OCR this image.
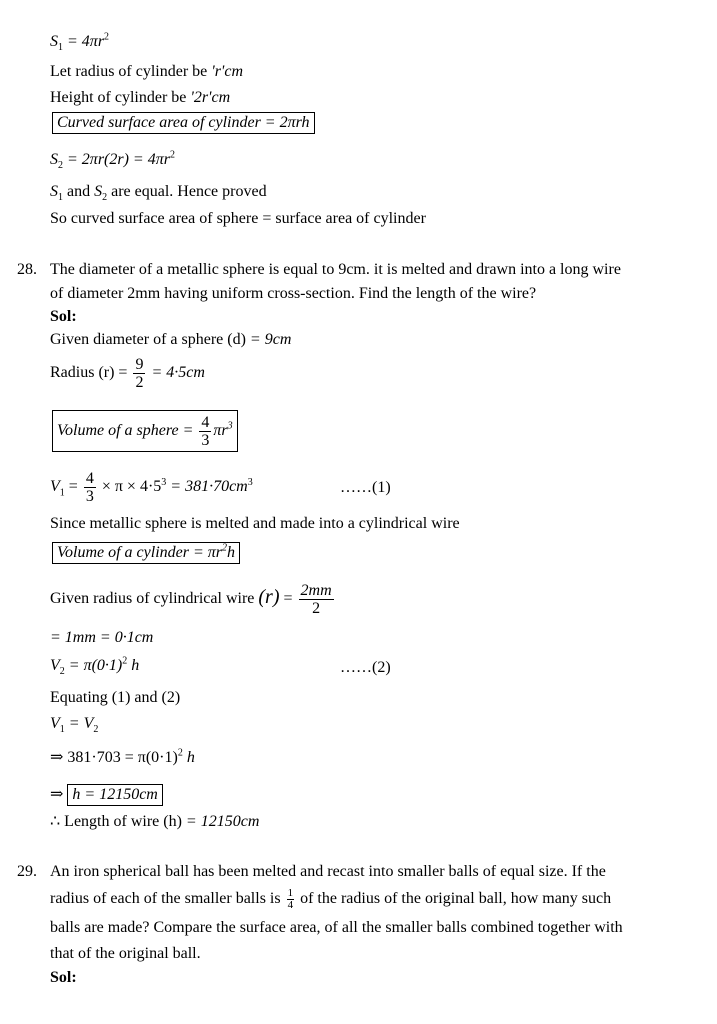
$S_1 = 4\pi r^2$
Let radius of cylinder be 'r'cm
Height of cylinder be '2r'cm
Curved surface area of cylinder = 2πrh
$S_2 = 2\pi r(2r) = 4\pi r^2$
$S_1$ and $S_2$ are equal. Hence proved
So curved surface area of sphere = surface area of cylinder
28. The diameter of a metallic sphere is equal to 9cm. it is melted and drawn into a long wire
of diameter 2mm having uniform cross-section. Find the length of the wire?
Sol:
Given diameter of a sphere (d) = 9cm
Radius $(r) = \frac{9}{2} = 4\cdot 5cm$
Volume of a sphere = $\frac{4}{3} \pi r^3$
$V_1 = \frac{4}{3} \times \pi \times 4\cdot 5^3 = 381\cdot 70cm^3$	……(1)
Since metallic sphere is melted and made into a cylindrical wire
Volume of a cylinder = $\pi r^2h$
Given radius of cylindrical wire $(r) = \frac{2mm}{2}$
= 1mm = 0·1cm
$V_2 = \pi(0\cdot 1)^2$ h	……(2)
Equating (1) and (2)
$V_1 = V_2$
⇒ $381\cdot 703 = \pi(0\cdot 1)^2$ h
⇒ h = 12150cm
∴ Length of wire (h) = 12150cm
29. An iron spherical ball has been melted and recast into smaller balls of equal size. If the
radius of each of the smaller balls is $\frac{1}{4}$ of the radius of the original ball, how many such
balls are made? Compare the surface area, of all the smaller balls combined together with
that of the original ball.
Sol:
